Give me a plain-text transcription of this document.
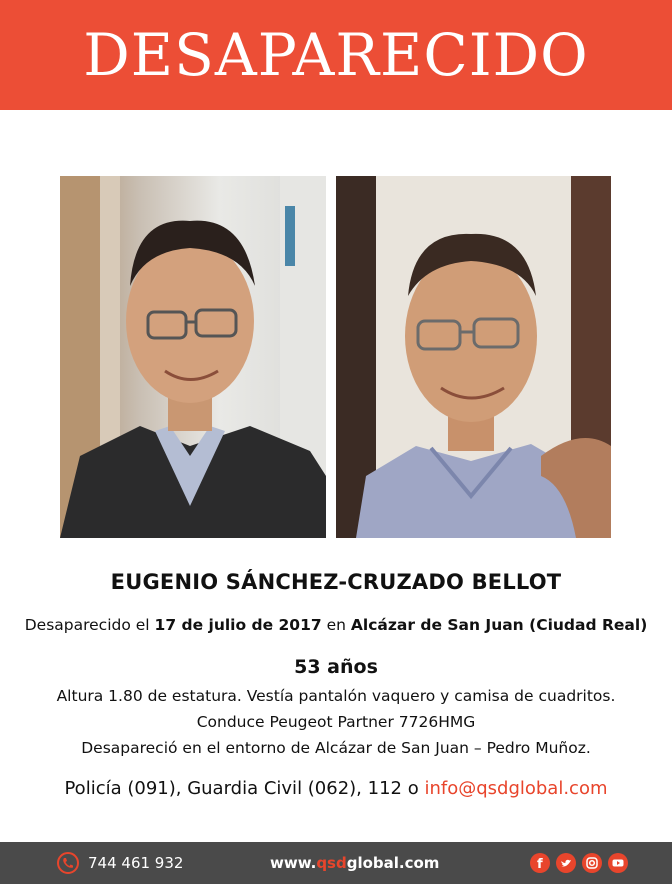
DESAPARECIDO
EUGENIO SÁNCHEZ-CRUZADO BELLOT
Desaparecido el 17 de julio de 2017 en Alcázar de San Juan (Ciudad Real)
53 años
Altura 1.80 de estatura. Vestía pantalón vaquero y camisa de cuadritos.
Conduce Peugeot Partner 7726HMG
Desapareció en el entorno de Alcázar de San Juan – Pedro Muñoz.
Policía (091), Guardia Civil (062), 112 o info@qsdglobal.com
744 461 932	www.qsdglobal.com	f
